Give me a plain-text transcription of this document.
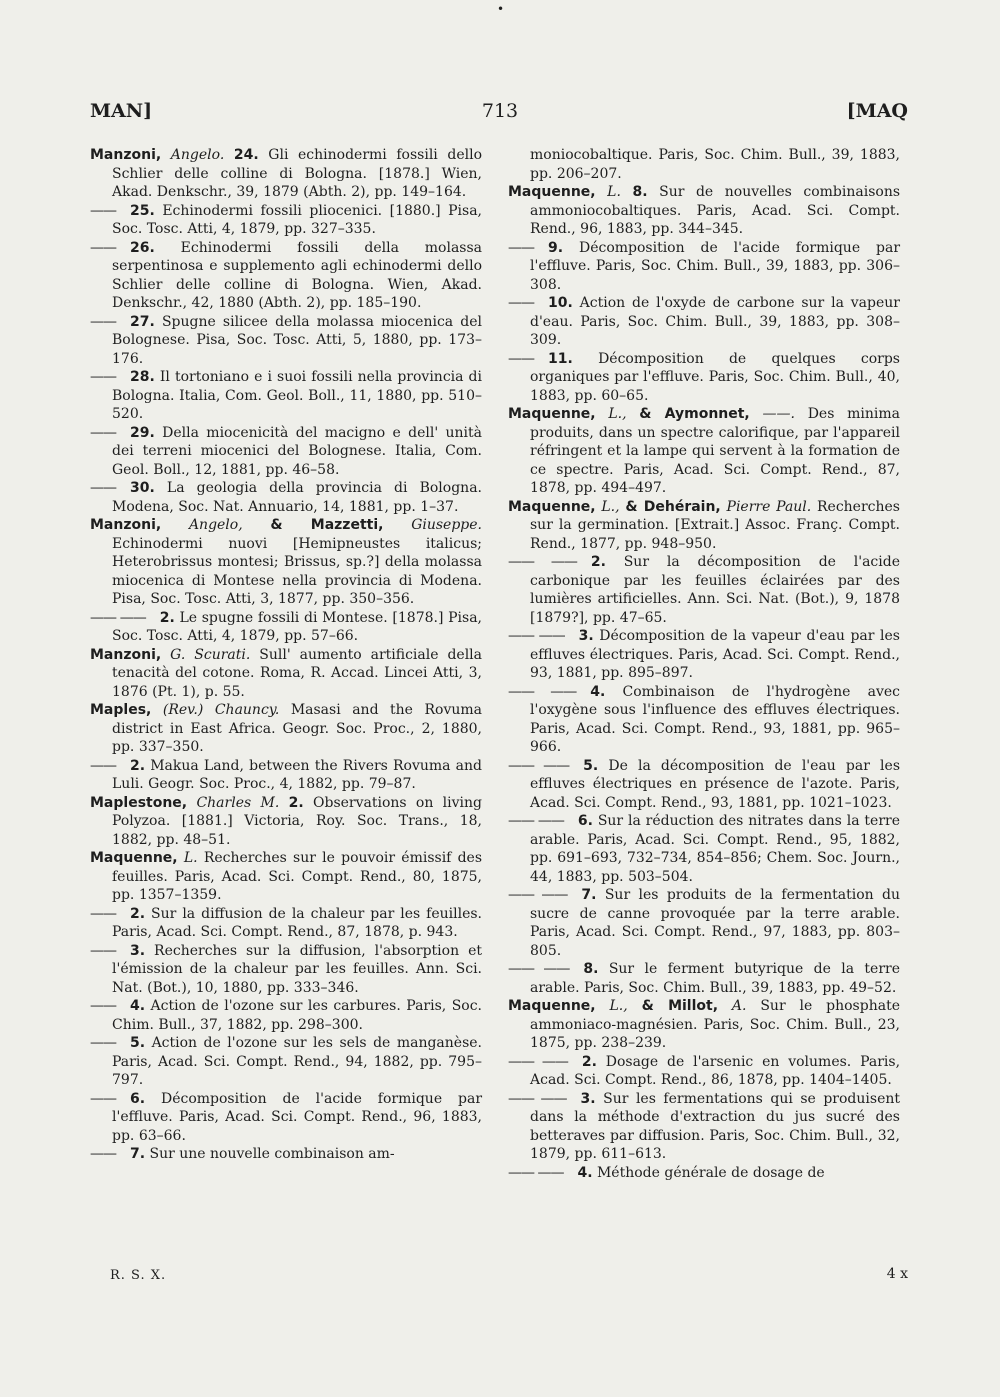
•
MAN]	713	[MAQ

Manzoni, Angelo. 24. Gli echinodermi fossili dello Schlier delle colline di Bologna. [1878.] Wien, Akad. Denkschr., 39, 1879 (Abth. 2), pp. 149–164.

—— 25. Echinodermi fossili pliocenici. [1880.] Pisa, Soc. Tosc. Atti, 4, 1879, pp. 327–335.

—— 26. Echinodermi fossili della molassa serpentinosa e supplemento agli echinodermi dello Schlier delle colline di Bologna. Wien, Akad. Denkschr., 42, 1880 (Abth. 2), pp. 185–190.

—— 27. Spugne silicee della molassa miocenica del Bolognese. Pisa, Soc. Tosc. Atti, 5, 1880, pp. 173–176.

—— 28. Il tortoniano e i suoi fossili nella provincia di Bologna. Italia, Com. Geol. Boll., 11, 1880, pp. 510–520.

—— 29. Della miocenicità del macigno e dell' unità dei terreni miocenici del Bolognese. Italia, Com. Geol. Boll., 12, 1881, pp. 46–58.

—— 30. La geologia della provincia di Bologna. Modena, Soc. Nat. Annuario, 14, 1881, pp. 1–37.

Manzoni, Angelo, & Mazzetti, Giuseppe. Echinodermi nuovi [Hemipneustes italicus; Heterobrissus montesi; Brissus, sp.?] della molassa miocenica di Montese nella provincia di Modena. Pisa, Soc. Tosc. Atti, 3, 1877, pp. 350–356.

—— —— 2. Le spugne fossili di Montese. [1878.] Pisa, Soc. Tosc. Atti, 4, 1879, pp. 57–66.

Manzoni, G. Scurati. Sull' aumento artificiale della tenacità del cotone. Roma, R. Accad. Lincei Atti, 3, 1876 (Pt. 1), p. 55.

Maples, (Rev.) Chauncy. Masasi and the Rovuma district in East Africa. Geogr. Soc. Proc., 2, 1880, pp. 337–350.

—— 2. Makua Land, between the Rivers Rovuma and Luli. Geogr. Soc. Proc., 4, 1882, pp. 79–87.

Maplestone, Charles M. 2. Observations on living Polyzoa. [1881.] Victoria, Roy. Soc. Trans., 18, 1882, pp. 48–51.

Maquenne, L. Recherches sur le pouvoir émissif des feuilles. Paris, Acad. Sci. Compt. Rend., 80, 1875, pp. 1357–1359.

—— 2. Sur la diffusion de la chaleur par les feuilles. Paris, Acad. Sci. Compt. Rend., 87, 1878, p. 943.

—— 3. Recherches sur la diffusion, l'absorption et l'émission de la chaleur par les feuilles. Ann. Sci. Nat. (Bot.), 10, 1880, pp. 333–346.

—— 4. Action de l'ozone sur les carbures. Paris, Soc. Chim. Bull., 37, 1882, pp. 298–300.

—— 5. Action de l'ozone sur les sels de manganèse. Paris, Acad. Sci. Compt. Rend., 94, 1882, pp. 795–797.

—— 6. Décomposition de l'acide formique par l'effluve. Paris, Acad. Sci. Compt. Rend., 96, 1883, pp. 63–66.

—— 7. Sur une nouvelle combinaison am-

moniocobaltique. Paris, Soc. Chim. Bull., 39, 1883, pp. 206–207.

Maquenne, L. 8. Sur de nouvelles combinaisons ammoniocobaltiques. Paris, Acad. Sci. Compt. Rend., 96, 1883, pp. 344–345.

—— 9. Décomposition de l'acide formique par l'effluve. Paris, Soc. Chim. Bull., 39, 1883, pp. 306–308.

—— 10. Action de l'oxyde de carbone sur la vapeur d'eau. Paris, Soc. Chim. Bull., 39, 1883, pp. 308–309.

—— 11. Décomposition de quelques corps organiques par l'effluve. Paris, Soc. Chim. Bull., 40, 1883, pp. 60–65.

Maquenne, L., & Aymonnet, ——. Des minima produits, dans un spectre calorifique, par l'appareil réfringent et la lampe qui servent à la formation de ce spectre. Paris, Acad. Sci. Compt. Rend., 87, 1878, pp. 494–497.

Maquenne, L., & Dehérain, Pierre Paul. Recherches sur la germination. [Extrait.] Assoc. Franç. Compt. Rend., 1877, pp. 948–950.

—— —— 2. Sur la décomposition de l'acide carbonique par les feuilles éclairées par des lumières artificielles. Ann. Sci. Nat. (Bot.), 9, 1878 [1879?], pp. 47–65.

—— —— 3. Décomposition de la vapeur d'eau par les effluves électriques. Paris, Acad. Sci. Compt. Rend., 93, 1881, pp. 895–897.

—— —— 4. Combinaison de l'hydrogène avec l'oxygène sous l'influence des effluves électriques. Paris, Acad. Sci. Compt. Rend., 93, 1881, pp. 965–966.

—— —— 5. De la décomposition de l'eau par les effluves électriques en présence de l'azote. Paris, Acad. Sci. Compt. Rend., 93, 1881, pp. 1021–1023.

—— —— 6. Sur la réduction des nitrates dans la terre arable. Paris, Acad. Sci. Compt. Rend., 95, 1882, pp. 691–693, 732–734, 854–856; Chem. Soc. Journ., 44, 1883, pp. 503–504.

—— —— 7. Sur les produits de la fermentation du sucre de canne provoquée par la terre arable. Paris, Acad. Sci. Compt. Rend., 97, 1883, pp. 803–805.

—— —— 8. Sur le ferment butyrique de la terre arable. Paris, Soc. Chim. Bull., 39, 1883, pp. 49–52.

Maquenne, L., & Millot, A. Sur le phosphate ammoniaco-magnésien. Paris, Soc. Chim. Bull., 23, 1875, pp. 238–239.

—— —— 2. Dosage de l'arsenic en volumes. Paris, Acad. Sci. Compt. Rend., 86, 1878, pp. 1404–1405.

—— —— 3. Sur les fermentations qui se produisent dans la méthode d'extraction du jus sucré des betteraves par diffusion. Paris, Soc. Chim. Bull., 32, 1879, pp. 611–613.

—— —— 4. Méthode générale de dosage de

R. S. X.	4 x
